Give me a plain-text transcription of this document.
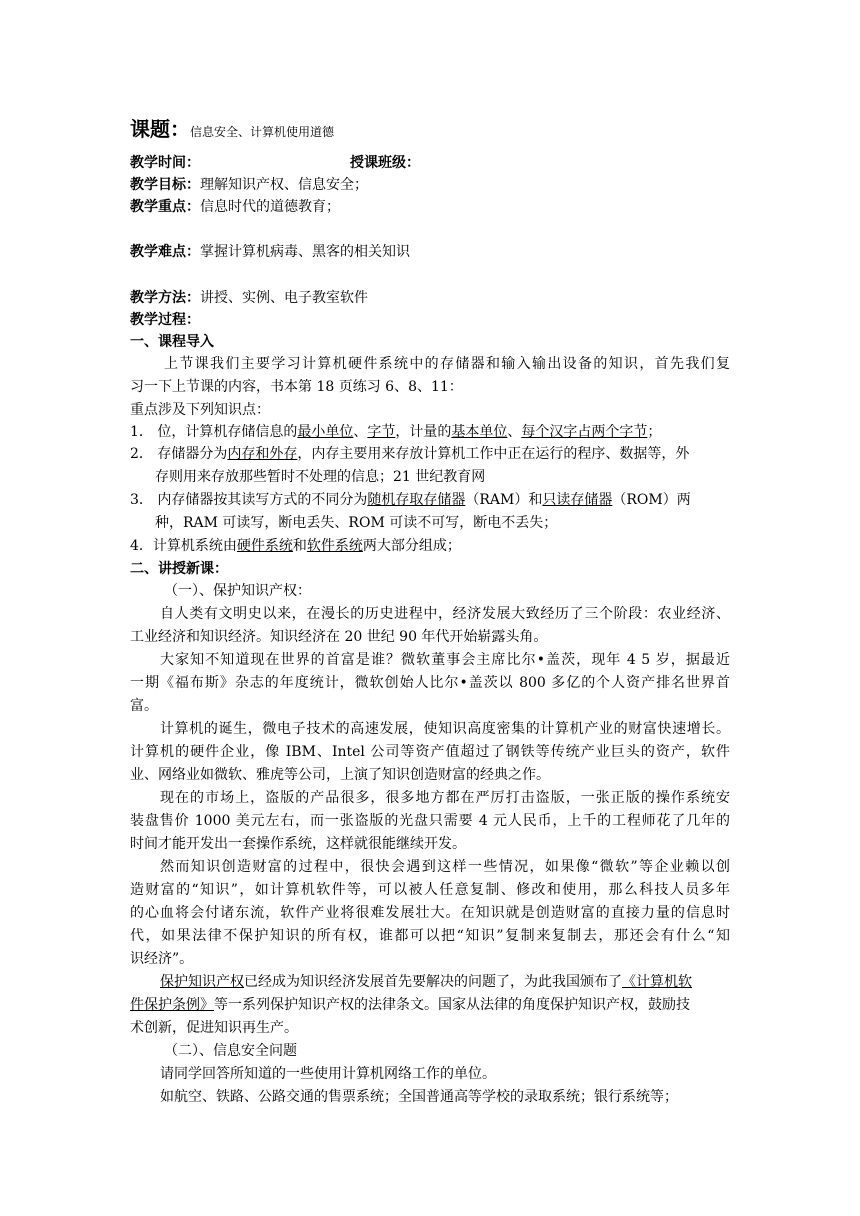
课题：信息安全、计算机使用道德
教学时间：	授课班级：
教学目标：理解知识产权、信息安全；
教学重点：信息时代的道德教育；
教学难点：掌握计算机病毒、黑客的相关知识
教学方法：讲授、实例、电子教室软件
教学过程：
一、课程导入
上节课我们主要学习计算机硬件系统中的存储器和输入输出设备的知识，首先我们复
习一下上节课的内容，书本第 18 页练习 6、8、11：
重点涉及下列知识点：
1． 位，计算机存储信息的最小单位、字节，计量的基本单位、每个汉字占两个字节；
2． 存储器分为内存和外存，内存主要用来存放计算机工作中正在运行的程序、数据等，外
存则用来存放那些暂时不处理的信息；21 世纪教育网
3． 内存储器按其读写方式的不同分为随机存取存储器（RAM）和只读存储器（ROM）两
种，RAM 可读写，断电丢失、ROM 可读不可写，断电不丢失；
4．计算机系统由硬件系统和软件系统两大部分组成；
二、讲授新课：
（一）、保护知识产权：
自人类有文明史以来，在漫长的历史进程中，经济发展大致经历了三个阶段：农业经济、
工业经济和知识经济。知识经济在 20 世纪 90 年代开始崭露头角。
大家知不知道现在世界的首富是谁？微软董事会主席比尔•盖茨，现年 4 5 岁，据最近
一期《福布斯》杂志的年度统计，微软创始人比尔•盖茨以 800 多亿的个人资产排名世界首
富。
计算机的诞生，微电子技术的高速发展，使知识高度密集的计算机产业的财富快速增长。
计算机的硬件企业，像 IBM、Intel 公司等资产值超过了钢铁等传统产业巨头的资产，软件
业、网络业如微软、雅虎等公司，上演了知识创造财富的经典之作。
现在的市场上，盗版的产品很多，很多地方都在严厉打击盗版，一张正版的操作系统安
装盘售价 1000 美元左右，而一张盗版的光盘只需要 4 元人民币，上千的工程师花了几年的
时间才能开发出一套操作系统，这样就很能继续开发。
然而知识创造财富的过程中，很快会遇到这样一些情况，如果像“微软”等企业赖以创
造财富的“知识”，如计算机软件等，可以被人任意复制、修改和使用，那么科技人员多年
的心血将会付诸东流，软件产业将很难发展壮大。在知识就是创造财富的直接力量的信息时
代，如果法律不保护知识的所有权，谁都可以把“知识”复制来复制去，那还会有什么“知
识经济”。
保护知识产权已经成为知识经济发展首先要解决的问题了，为此我国颁布了《计算机软
件保护条例》等一系列保护知识产权的法律条文。国家从法律的角度保护知识产权，鼓励技
术创新，促进知识再生产。
（二）、信息安全问题
请同学回答所知道的一些使用计算机网络工作的单位。
如航空、铁路、公路交通的售票系统；全国普通高等学校的录取系统；银行系统等；
